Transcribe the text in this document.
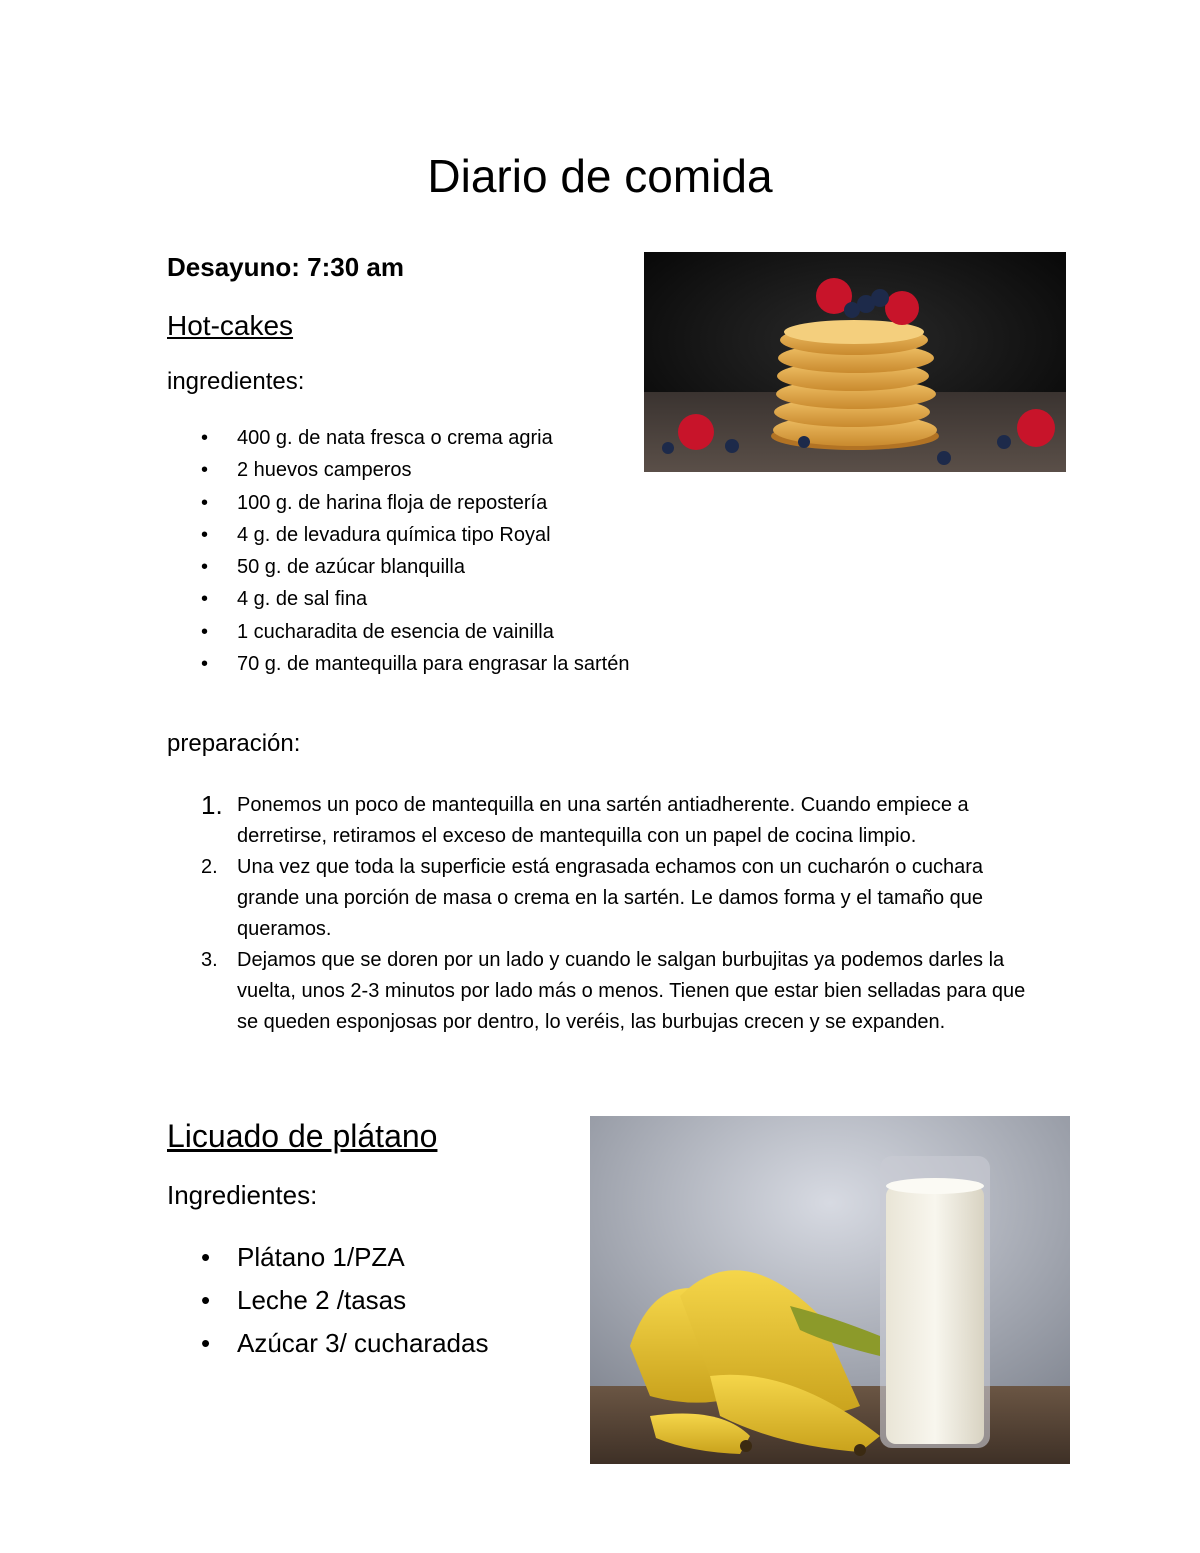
Diario de comida

Desayuno: 7:30 am

Hot-cakes

ingredientes:

• 400 g. de nata fresca o crema agria
• 2 huevos camperos
• 100 g. de harina floja de repostería
• 4 g. de levadura química tipo Royal
• 50 g. de azúcar blanquilla
• 4 g. de sal fina
• 1 cucharadita de esencia de vainilla
• 70 g. de mantequilla para engrasar la sartén

preparación:

1. Ponemos un poco de mantequilla en una sartén antiadherente. Cuando empiece a derretirse, retiramos el exceso de mantequilla con un papel de cocina limpio.
2. Una vez que toda la superficie está engrasada echamos con un cucharón o cuchara grande una porción de masa o crema en la sartén. Le damos forma y el tamaño que queramos.
3. Dejamos que se doren por un lado y cuando le salgan burbujitas ya podemos darles la vuelta, unos 2-3 minutos por lado más o menos. Tienen que estar bien selladas para que se queden esponjosas por dentro, lo veréis, las burbujas crecen y se expanden.

Licuado de plátano

Ingredientes:

• Plátano 1/PZA
• Leche 2 /tasas
• Azúcar 3/ cucharadas
